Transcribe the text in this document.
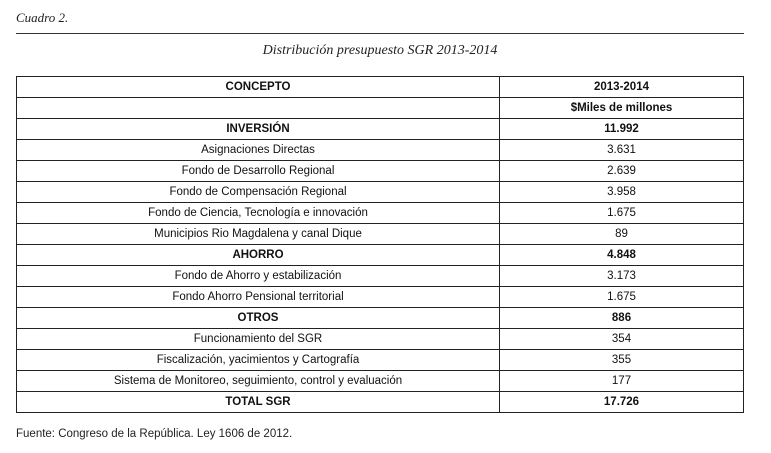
Cuadro 2.
Distribución presupuesto SGR 2013-2014
CONCEPTO	2013-2014
	$Miles de millones
INVERSIÓN	11.992
Asignaciones Directas	3.631
Fondo de Desarrollo Regional	2.639
Fondo de Compensación Regional	3.958
Fondo de Ciencia, Tecnología e innovación	1.675
Municipios Rio Magdalena y canal Dique	89
AHORRO	4.848
Fondo de Ahorro y estabilización	3.173
Fondo Ahorro Pensional territorial	1.675
OTROS	886
Funcionamiento del SGR	354
Fiscalización, yacimientos y Cartografía	355
Sistema de Monitoreo, seguimiento, control y evaluación	177
TOTAL SGR	17.726
Fuente: Congreso de la República. Ley 1606 de 2012.
